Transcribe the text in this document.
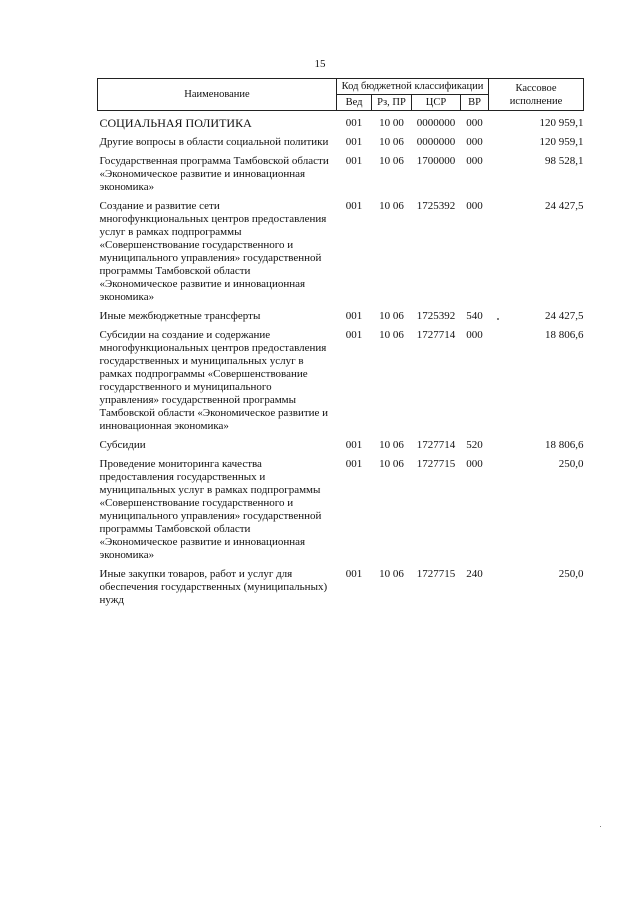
15
Наименование	Код бюджетной классификации				Кассовое исполнение
	Вед	Рз, ПР	ЦСР	ВР	
СОЦИАЛЬНАЯ ПОЛИТИКА	001	10 00	0000000	000	120 959,1
Другие вопросы в области социальной политики	001	10 06	0000000	000	120 959,1
Государственная программа Тамбовской области «Экономическое развитие и инновационная экономика»	001	10 06	1700000	000	98 528,1
Создание и развитие сети многофункциональных центров предоставления услуг в рамках подпрограммы «Совершенствование государственного и муниципального управления» государственной программы Тамбовской области «Экономическое развитие и инновационная экономика»	001	10 06	1725392	000	24 427,5
Иные межбюджетные трансферты	001	10 06	1725392	540	24 427,5
Субсидии на создание и содержание многофункциональных центров предоставления государственных и муниципальных услуг в рамках подпрограммы «Совершенствование государственного и муниципального управления» государственной программы Тамбовской области «Экономическое развитие и инновационная экономика»	001	10 06	1727714	000	18 806,6
Субсидии	001	10 06	1727714	520	18 806,6
Проведение мониторинга качества предоставления государственных и муниципальных услуг в рамках подпрограммы «Совершенствование государственного и муниципального управления» государственной программы Тамбовской области «Экономическое развитие и инновационная экономика»	001	10 06	1727715	000	250,0
Иные закупки товаров, работ и услуг для обеспечения государственных (муниципальных) нужд	001	10 06	1727715	240	250,0
